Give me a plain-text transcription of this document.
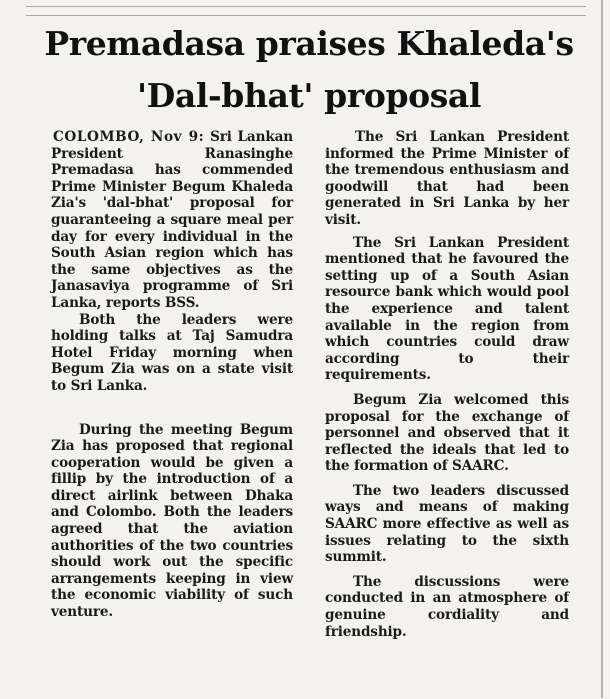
Premadasa praises Khaleda's
'Dal-bhat' proposal

COLOMBO, Nov 9: Sri Lankan President Ranasinghe Premadasa has commended Prime Minister Begum Khaleda Zia's 'dal-bhat' proposal for guaranteeing a square meal per day for every individual in the South Asian region which has the same objectives as the Janasaviya programme of Sri Lanka, reports BSS.

Both the leaders were holding talks at Taj Samudra Hotel Friday morning when Begum Zia was on a state visit to Sri Lanka.

During the meeting Begum Zia has proposed that regional cooperation would be given a fillip by the introduction of a direct airlink between Dhaka and Colombo. Both the leaders agreed that the aviation authorities of the two countries should work out the specific arrangements keeping in view the economic viability of such venture.

The Sri Lankan President informed the Prime Minister of the tremendous enthusiasm and goodwill that had been generated in Sri Lanka by her visit.

The Sri Lankan President mentioned that he favoured the setting up of a South Asian resource bank which would pool the experience and talent available in the region from which countries could draw according to their requirements.

Begum Zia welcomed this proposal for the exchange of personnel and observed that it reflected the ideals that led to the formation of SAARC.

The two leaders discussed ways and means of making SAARC more effective as well as issues relating to the sixth summit.

The discussions were conducted in an atmosphere of genuine cordiality and friendship.
